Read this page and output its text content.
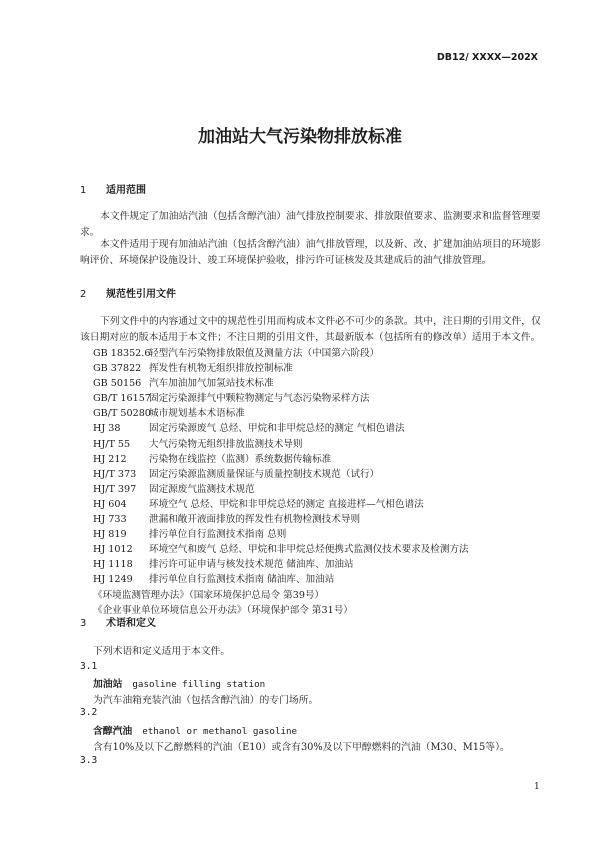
DB12/ XXXX—202X
加油站大气污染物排放标准
1 适用范围

本文件规定了加油站汽油（包括含醇汽油）油气排放控制要求、排放限值要求、监测要求和监督管理要求。

本文件适用于现有加油站汽油（包括含醇汽油）油气排放管理，以及新、改、扩建加油站项目的环境影响评价、环境保护设施设计、竣工环境保护验收，排污许可证核发及其建成后的油气排放管理。

2 规范性引用文件

下列文件中的内容通过文中的规范性引用而构成本文件必不可少的条款。其中，注日期的引用文件，仅该日期对应的版本适用于本文件；不注日期的引用文件，其最新版本（包括所有的修改单）适用于本文件。

GB 18352.6轻型汽车污染物排放限值及测量方法（中国第六阶段）
GB 37822 挥发性有机物无组织排放控制标准
GB 50156 汽车加油加气加氢站技术标准
GB/T 16157固定污染源排气中颗粒物测定与气态污染物采样方法
GB/T 50280城市规划基本术语标准
HJ 38	固定污染源废气 总烃、甲烷和非甲烷总烃的测定 气相色谱法
HJ/T 55 大气污染物无组织排放监测技术导则
HJ 212 污染物在线监控（监测）系统数据传输标准
HJ/T 373 固定污染源监测质量保证与质量控制技术规范（试行）
HJ/T 397 固定源废气监测技术规范
HJ 604 环境空气 总烃、甲烷和非甲烷总烃的测定 直接进样—气相色谱法
HJ 733 泄漏和敞开液面排放的挥发性有机物检测技术导则
HJ 819 排污单位自行监测技术指南 总则
HJ 1012 环境空气和废气 总烃、甲烷和非甲烷总烃便携式监测仪技术要求及检测方法
HJ 1118 排污许可证申请与核发技术规范 储油库、加油站
HJ 1249 排污单位自行监测技术指南 储油库、加油站
《环境监测管理办法》（国家环境保护总局令 第39号）
《企业事业单位环境信息公开办法》（环境保护部令 第31号）
3 术语和定义
下列术语和定义适用于本文件。
3.1
加油站 gasoline filling station
为汽车油箱充装汽油（包括含醇汽油）的专门场所。
3.2
含醇汽油 ethanol or methanol gasoline
含有10%及以下乙醇燃料的汽油（E10）或含有30%及以下甲醇燃料的汽油（M30、M15等）。
3.3
1
